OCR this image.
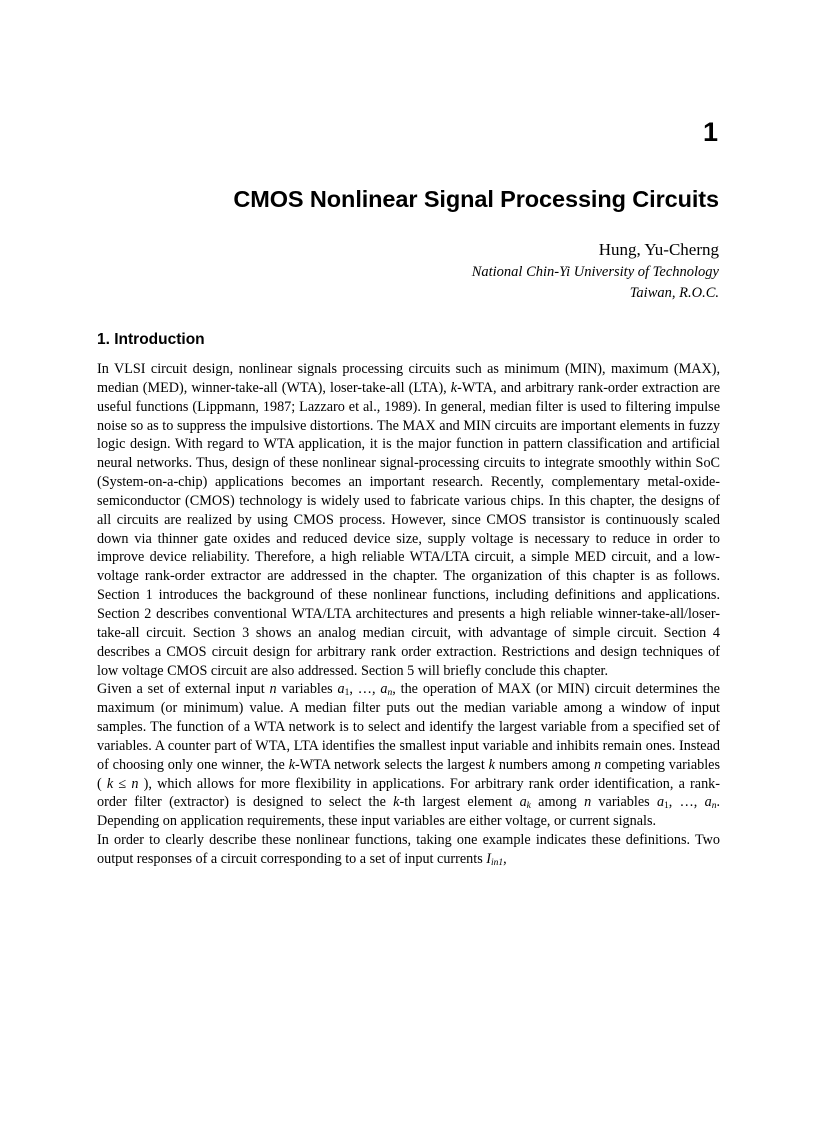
1
CMOS Nonlinear Signal Processing Circuits
Hung, Yu-Cherng
National Chin-Yi University of Technology
Taiwan, R.O.C.
1. Introduction

In VLSI circuit design, nonlinear signals processing circuits such as minimum (MIN), maximum (MAX), median (MED), winner-take-all (WTA), loser-take-all (LTA), k-WTA, and arbitrary rank-order extraction are useful functions (Lippmann, 1987; Lazzaro et al., 1989). In general, median filter is used to filtering impulse noise so as to suppress the impulsive distortions. The MAX and MIN circuits are important elements in fuzzy logic design. With regard to WTA application, it is the major function in pattern classification and artificial neural networks. Thus, design of these nonlinear signal-processing circuits to integrate smoothly within SoC (System-on-a-chip) applications becomes an important research. Recently, complementary metal-oxide-semiconductor (CMOS) technology is widely used to fabricate various chips. In this chapter, the designs of all circuits are realized by using CMOS process. However, since CMOS transistor is continuously scaled down via thinner gate oxides and reduced device size, supply voltage is necessary to reduce in order to improve device reliability. Therefore, a high reliable WTA/LTA circuit, a simple MED circuit, and a low-voltage rank-order extractor are addressed in the chapter. The organization of this chapter is as follows. Section 1 introduces the background of these nonlinear functions, including definitions and applications. Section 2 describes conventional WTA/LTA architectures and presents a high reliable winner-take-all/loser-take-all circuit. Section 3 shows an analog median circuit, with advantage of simple circuit. Section 4 describes a CMOS circuit design for arbitrary rank order extraction. Restrictions and design techniques of low voltage CMOS circuit are also addressed. Section 5 will briefly conclude this chapter.

Given a set of external input n variables $a_1$, …, $a_n$, the operation of MAX (or MIN) circuit determines the maximum (or minimum) value. A median filter puts out the median variable among a window of input samples. The function of a WTA network is to select and identify the largest variable from a specified set of variables. A counter part of WTA, LTA identifies the smallest input variable and inhibits remain ones. Instead of choosing only one winner, the k-WTA network selects the largest k numbers among n competing variables ( k ≤ n ), which allows for more flexibility in applications. For arbitrary rank order identification, a rank-order filter (extractor) is designed to select the k-th largest element $a_k$ among n variables $a_1$, …, $a_n$. Depending on application requirements, these input variables are either voltage, or current signals.

In order to clearly describe these nonlinear functions, taking one example indicates these definitions. Two output responses of a circuit corresponding to a set of input currents $I_{in1}$,
